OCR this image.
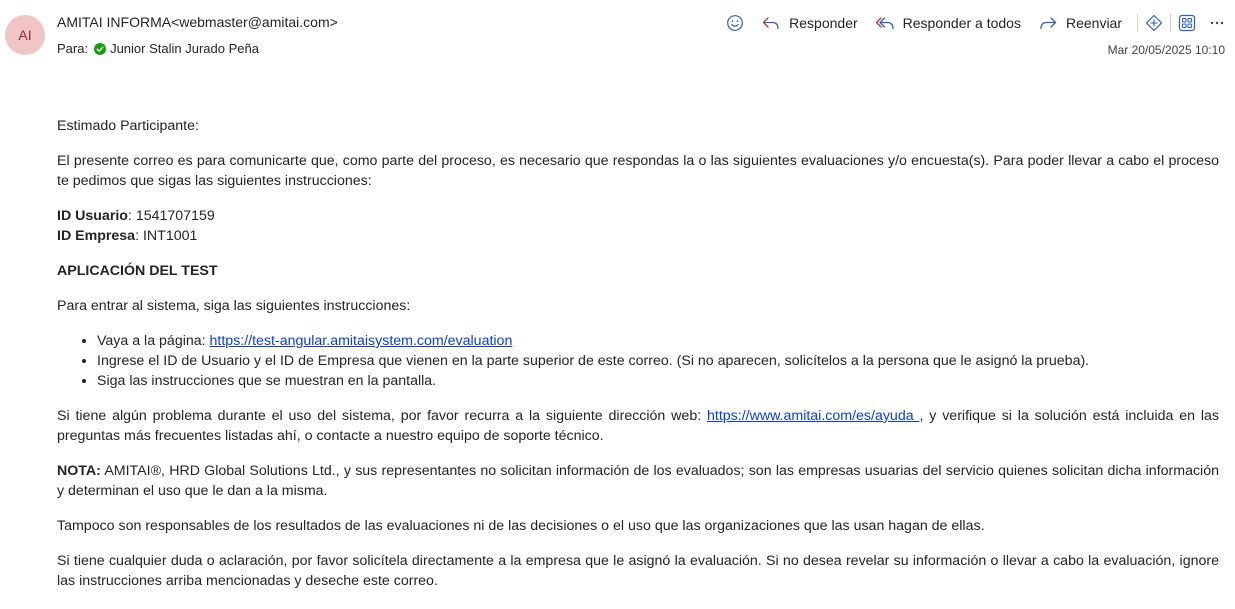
AI
AMITAI INFORMA<webmaster@amitai.com>
Para: Junior Stalin Jurado Peña
Responder	Responder a todos	Reenviar
Mar 20/05/2025 10:10

Estimado Participante:

El presente correo es para comunicarte que, como parte del proceso, es necesario que respondas la o las siguientes evaluaciones y/o encuesta(s). Para poder llevar a cabo el proceso te pedimos que sigas las siguientes instrucciones:

ID Usuario: 1541707159
ID Empresa: INT1001

APLICACIÓN DEL TEST

Para entrar al sistema, siga las siguientes instrucciones:

• Vaya a la página: https://test-angular.amitaisystem.com/evaluation
• Ingrese el ID de Usuario y el ID de Empresa que vienen en la parte superior de este correo. (Si no aparecen, solicítelos a la persona que le asignó la prueba).
• Siga las instrucciones que se muestran en la pantalla.

Si tiene algún problema durante el uso del sistema, por favor recurra a la siguiente dirección web: https://www.amitai.com/es/ayuda , y verifique si la solución está incluida en las preguntas más frecuentes listadas ahí, o contacte a nuestro equipo de soporte técnico.

NOTA: AMITAI®, HRD Global Solutions Ltd., y sus representantes no solicitan información de los evaluados; son las empresas usuarias del servicio quienes solicitan dicha información y determinan el uso que le dan a la misma.

Tampoco son responsables de los resultados de las evaluaciones ni de las decisiones o el uso que las organizaciones que las usan hagan de ellas.

Si tiene cualquier duda o aclaración, por favor solicítela directamente a la empresa que le asignó la evaluación. Si no desea revelar su información o llevar a cabo la evaluación, ignore las instrucciones arriba mencionadas y deseche este correo.
